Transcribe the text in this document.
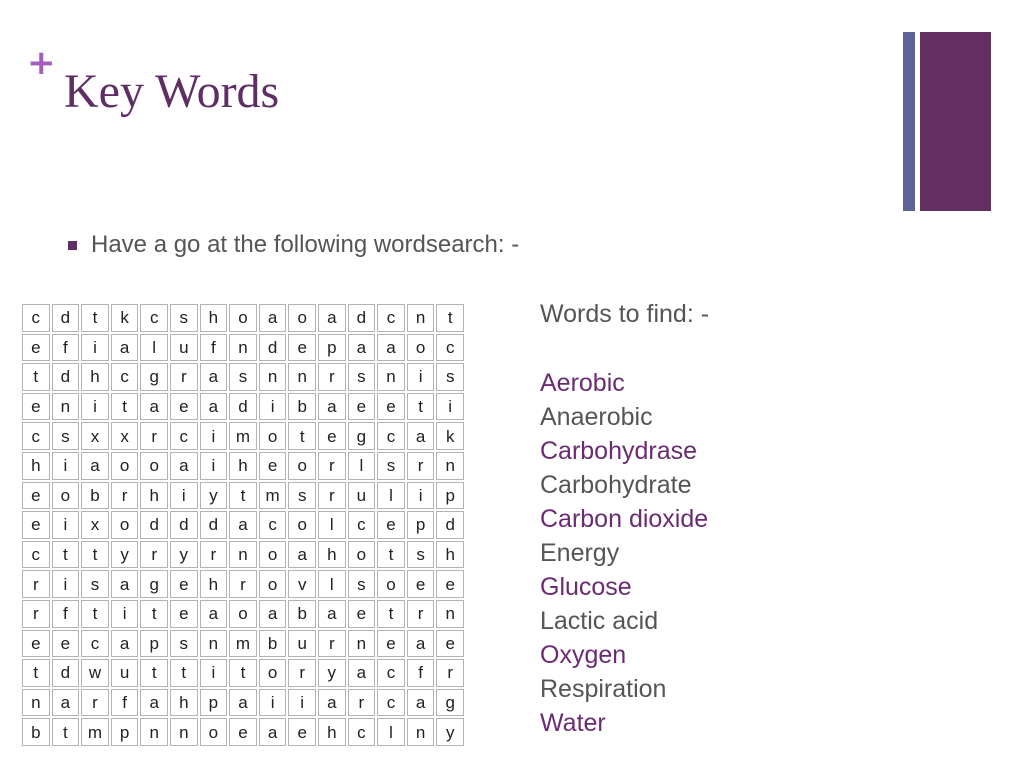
+
Key Words
Have a go at the following wordsearch: -
c	d	t	k	c	s	h	o	a	o	a	d	c	n	t
e	f	i	a	l	u	f	n	d	e	p	a	a	o	c
t	d	h	c	g	r	a	s	n	n	r	s	n	i	s
e	n	i	t	a	e	a	d	i	b	a	e	e	t	i
c	s	x	x	r	c	i	m	o	t	e	g	c	a	k
h	i	a	o	o	a	i	h	e	o	r	l	s	r	n
e	o	b	r	h	i	y	t	m	s	r	u	l	i	p
e	i	x	o	d	d	d	a	c	o	l	c	e	p	d
c	t	t	y	r	y	r	n	o	a	h	o	t	s	h
r	i	s	a	g	e	h	r	o	v	l	s	o	e	e
r	f	t	i	t	e	a	o	a	b	a	e	t	r	n
e	e	c	a	p	s	n	m	b	u	r	n	e	a	e
t	d	w	u	t	t	i	t	o	r	y	a	c	f	r
n	a	r	f	a	h	p	a	i	i	a	r	c	a	g
b	t	m	p	n	n	o	e	a	e	h	c	l	n	y
Words to find: -
Aerobic
Anaerobic
Carbohydrase
Carbohydrate
Carbon dioxide
Energy
Glucose
Lactic acid
Oxygen
Respiration
Water
